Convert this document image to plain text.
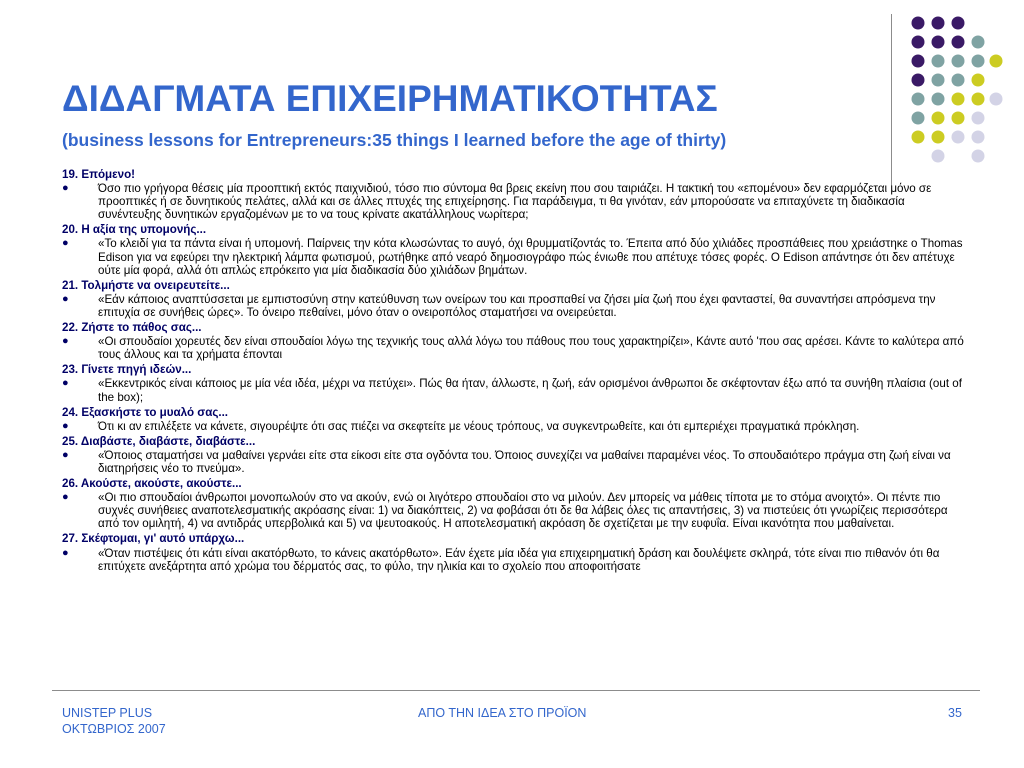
ΔΙΔΑΓΜΑΤΑ ΕΠΙΧΕΙΡΗΜΑΤΙΚΟΤΗΤΑΣ
(business lessons for Entrepreneurs:35 things I learned before the age of thirty)
19. Επόμενο!
●	Όσο πιο γρήγορα θέσεις μία προοπτική εκτός παιχνιδιού, τόσο πιο σύντομα θα βρεις εκείνη που σου ταιριάζει. Η τακτική του «επομένου» δεν εφαρμόζεται μόνο σε προοπτικές ή σε δυνητικούς πελάτες, αλλά και σε άλλες πτυχές της επιχείρησης. Για παράδειγμα, τι θα γινόταν, εάν μπορούσατε να επιταχύνετε τη διαδικασία συνέντευξης δυνητικών εργαζομένων με το να τους κρίνατε ακατάλληλους νωρίτερα;
20. Η αξία της υπομονής...
●	«Το κλειδί για τα πάντα είναι ή υπομονή. Παίρνεις την κότα κλωσώντας το αυγό, όχι θρυμματίζοντάς το. Έπειτα από δύο χιλιάδες προσπάθειες που χρειάστηκε ο Thomas Edison για να εφεύρει την ηλεκτρική λάμπα φωτισμού, ρωτήθηκε από νεαρό δημοσιογράφο πώς ένιωθε που απέτυχε τόσες φορές. Ο Edison απάντησε ότι δεν απέτυχε ούτε μία φορά, αλλά ότι απλώς επρόκειτο για μία διαδικασία δύο χιλιάδων βημάτων.
21. Τολμήστε να ονειρευτείτε...
●	«Εάν κάποιος αναπτύσσεται με εμπιστοσύνη στην κατεύθυνση των ονείρων του και προσπαθεί να ζήσει μία ζωή που έχει φανταστεί, θα συναντήσει απρόσμενα την επιτυχία σε συνήθεις ώρες». Το όνειρο πεθαίνει, μόνο όταν ο ονειροπόλος σταματήσει να ονειρεύεται.
22. Ζήστε το πάθος σας...
●	«Οι σπουδαίοι χορευτές δεν είναι σπουδαίοι λόγω της τεχνικής τους αλλά λόγω του πάθους που τους χαρακτηρίζει», Κάντε αυτό 'που σας αρέσει. Κάντε το καλύτερα από τους άλλους και τα χρήματα έπονται
23. Γίνετε πηγή ιδεών...
●	«Εκκεντρικός είναι κάποιος με μία νέα ιδέα, μέχρι να πετύχει». Πώς θα ήταν, άλλωστε, η ζωή, εάν ορισμένοι άνθρωποι δε σκέφτονταν έξω από τα συνήθη πλαίσια (out of the box);
24. Εξασκήστε το μυαλό σας...
●	Ότι κι αν επιλέξετε να κάνετε, σιγουρέψτε ότι σας πιέζει να σκεφτείτε με νέους τρόπους, να συγκεντρωθείτε, και ότι εμπεριέχει πραγματικά πρόκληση.
25. Διαβάστε, διαβάστε, διαβάστε...
●	«Όποιος σταματήσει να μαθαίνει γερνάει είτε στα είκοσι είτε στα ογδόντα του. Όποιος συνεχίζει να μαθαίνει παραμένει νέος. Το σπουδαιότερο πράγμα στη ζωή είναι να διατηρήσεις νέο το πνεύμα».
26. Ακούστε, ακούστε, ακούστε...
●	«Οι πιο σπουδαίοι άνθρωποι μονοπωλούν στο να ακούν, ενώ οι λιγότερο σπουδαίοι στο να μιλούν. Δεν μπορείς να μάθεις τίποτα με το στόμα ανοιχτό». Οι πέντε πιο συχνές συνήθειες αναποτελεσματικής ακρόασης είναι: 1) να διακόπτεις, 2) να φοβάσαι ότι δε θα λάβεις όλες τις απαντήσεις, 3) να πιστεύεις ότι γνωρίζεις περισσότερα από τον ομιλητή, 4) να αντιδράς υπερβολικά και 5) να ψευτοακούς. Η αποτελεσματική ακρόαση δε σχετίζεται με την ευφυΐα. Είναι ικανότητα που μαθαίνεται.
27. Σκέφτομαι, γι' αυτό υπάρχω...
●	«Όταν πιστέψεις ότι κάτι είναι ακατόρθωτο, το κάνεις ακατόρθωτο». Εάν έχετε μία ιδέα για επιχειρηματική δράση και δουλέψετε σκληρά, τότε είναι πιο πιθανόν ότι θα επιτύχετε ανεξάρτητα από χρώμα του δέρματός σας, το φύλο, την ηλικία και το σχολείο που αποφοιτήσατε
UNISTEP PLUS
ΟΚΤΩΒΡΙΟΣ 2007
ΑΠΟ ΤΗΝ ΙΔΕΑ ΣΤΟ ΠΡΟΪΟΝ	35
